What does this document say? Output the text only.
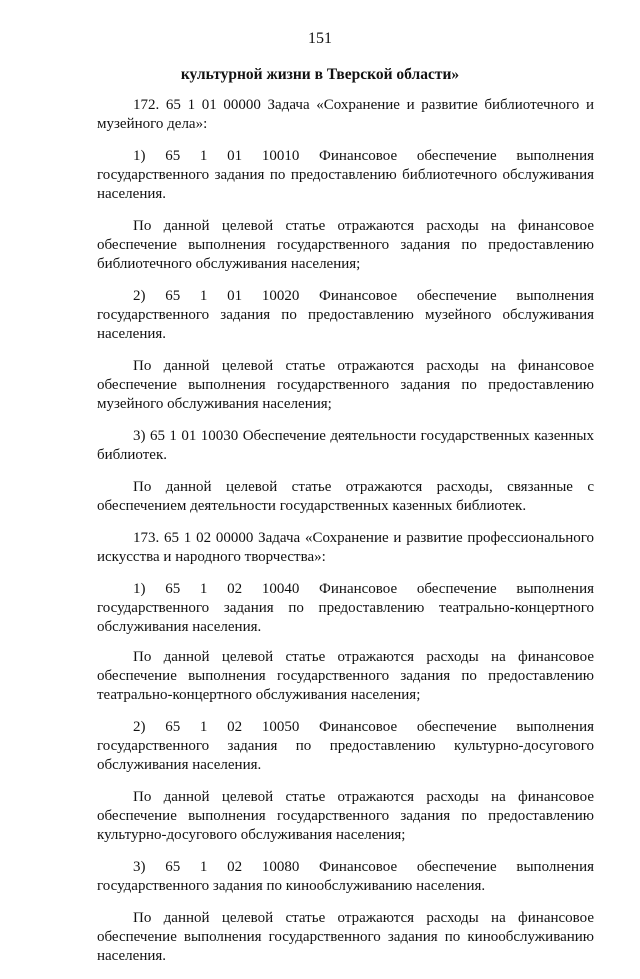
151
культурной жизни в Тверской области»

172. 65 1 01 00000 Задача «Сохранение и развитие библиотечного и музейного дела»:

1) 65 1 01 10010 Финансовое обеспечение выполнения государственного задания по предоставлению библиотечного обслуживания населения.

По данной целевой статье отражаются расходы на финансовое обеспечение выполнения государственного задания по предоставлению библиотечного обслуживания населения;

2) 65 1 01 10020 Финансовое обеспечение выполнения государственного задания по предоставлению музейного обслуживания населения.

По данной целевой статье отражаются расходы на финансовое обеспечение выполнения государственного задания по предоставлению музейного обслуживания населения;

3) 65 1 01 10030 Обеспечение деятельности государственных казенных библиотек.

По данной целевой статье отражаются расходы, связанные с обеспечением деятельности государственных казенных библиотек.

173. 65 1 02 00000 Задача «Сохранение и развитие профессионального искусства и народного творчества»:

1) 65 1 02 10040 Финансовое обеспечение выполнения государственного задания по предоставлению театрально-концертного обслуживания населения.

По данной целевой статье отражаются расходы на финансовое обеспечение выполнения государственного задания по предоставлению театрально-концертного обслуживания населения;

2) 65 1 02 10050 Финансовое обеспечение выполнения государственного задания по предоставлению культурно-досугового обслуживания населения.

По данной целевой статье отражаются расходы на финансовое обеспечение выполнения государственного задания по предоставлению культурно-досугового обслуживания населения;

3) 65 1 02 10080 Финансовое обеспечение выполнения государственного задания по кинообслуживанию населения.

По данной целевой статье отражаются расходы на финансовое обеспечение выполнения государственного задания по кинообслуживанию населения.
